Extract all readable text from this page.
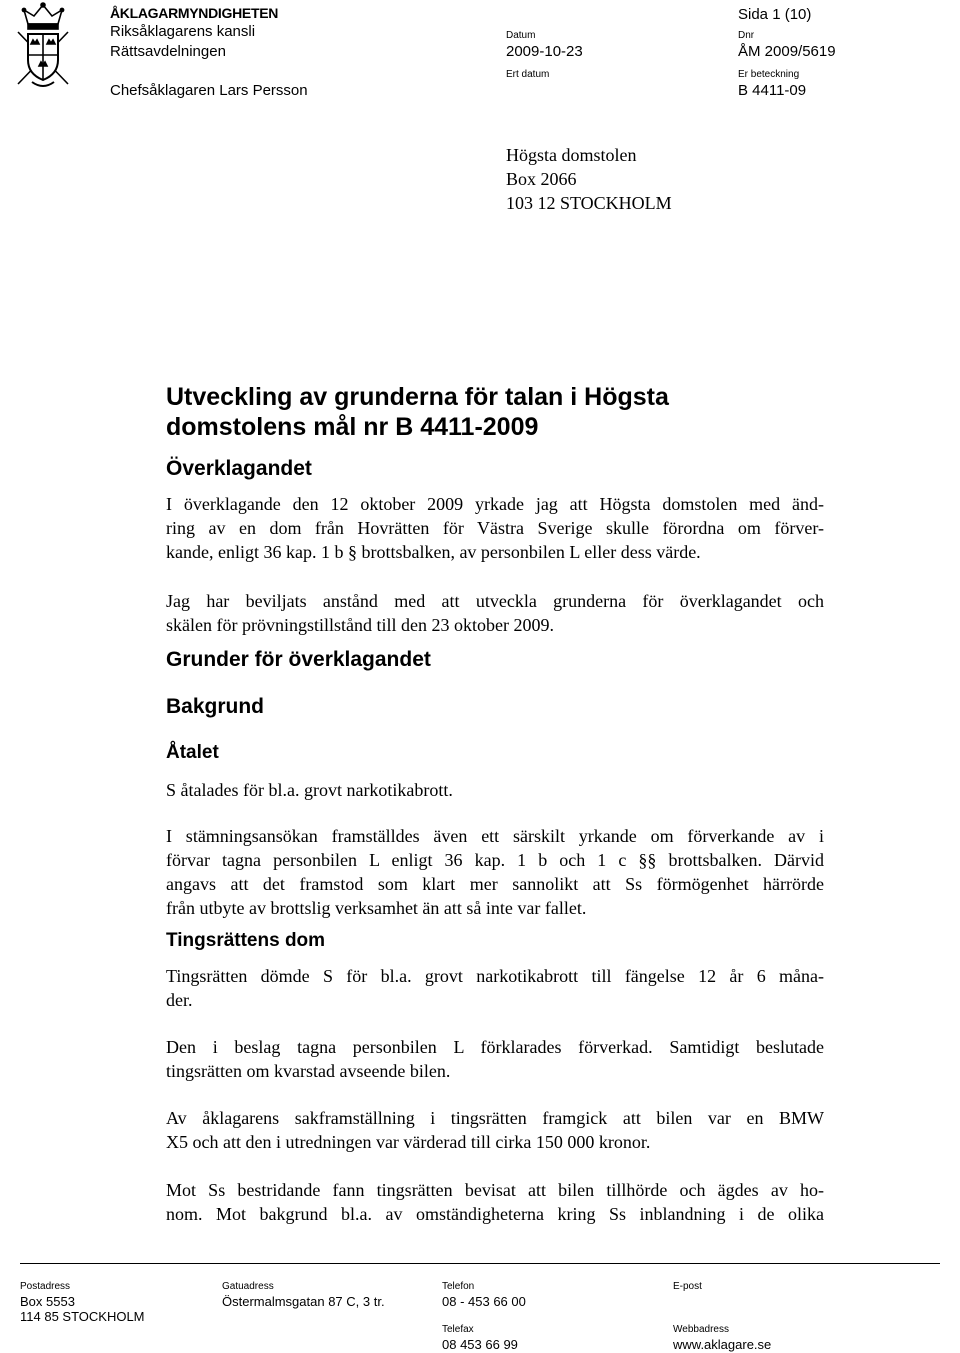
ÅKLAGARMYNDIGHETEN
Riksåklagarens kansli
Rättsavdelningen
Chefsåklagaren Lars Persson
Datum
2009-10-23
Ert datum
Sida 1 (10)
Dnr
ÅM 2009/5619
Er beteckning
B 4411-09
Högsta domstolen
Box 2066
103 12 STOCKHOLM
Utveckling av grunderna för talan i Högsta
domstolens mål nr B 4411-2009
Överklagandet
I överklagande den 12 oktober 2009 yrkade jag att Högsta domstolen med änd-
ring av en dom från Hovrätten för Västra Sverige skulle förordna om förver-
kande, enligt 36 kap. 1 b § brottsbalken, av personbilen L eller dess värde.
Jag har beviljats anstånd med att utveckla grunderna för överklagandet och
skälen för prövningstillstånd till den 23 oktober 2009.
Grunder för överklagandet
Bakgrund
Åtalet
S åtalades för bl.a. grovt narkotikabrott.
I stämningsansökan framställdes även ett särskilt yrkande om förverkande av i
förvar tagna personbilen L enligt 36 kap. 1 b och 1 c §§ brottsbalken. Därvid
angavs att det framstod som klart mer sannolikt att Ss förmögenhet härrörde
från utbyte av brottslig verksamhet än att så inte var fallet.
Tingsrättens dom
Tingsrätten dömde S för bl.a. grovt narkotikabrott till fängelse 12 år 6 måna-
der.
Den i beslag tagna personbilen L förklarades förverkad. Samtidigt beslutade
tingsrätten om kvarstad avseende bilen.
Av åklagarens sakframställning i tingsrätten framgick att bilen var en BMW
X5 och att den i utredningen var värderad till cirka 150 000 kronor.
Mot Ss bestridande fann tingsrätten bevisat att bilen tillhörde och ägdes av ho-
nom. Mot bakgrund bl.a. av omständigheterna kring Ss inblandning i de olika
Postadress
Box 5553
114 85 STOCKHOLM
Gatuadress
Östermalmsgatan 87 C, 3 tr.
Telefon
08 - 453 66 00
Telefax
08 453 66 99
E-post
Webbadress
www.aklagare.se
